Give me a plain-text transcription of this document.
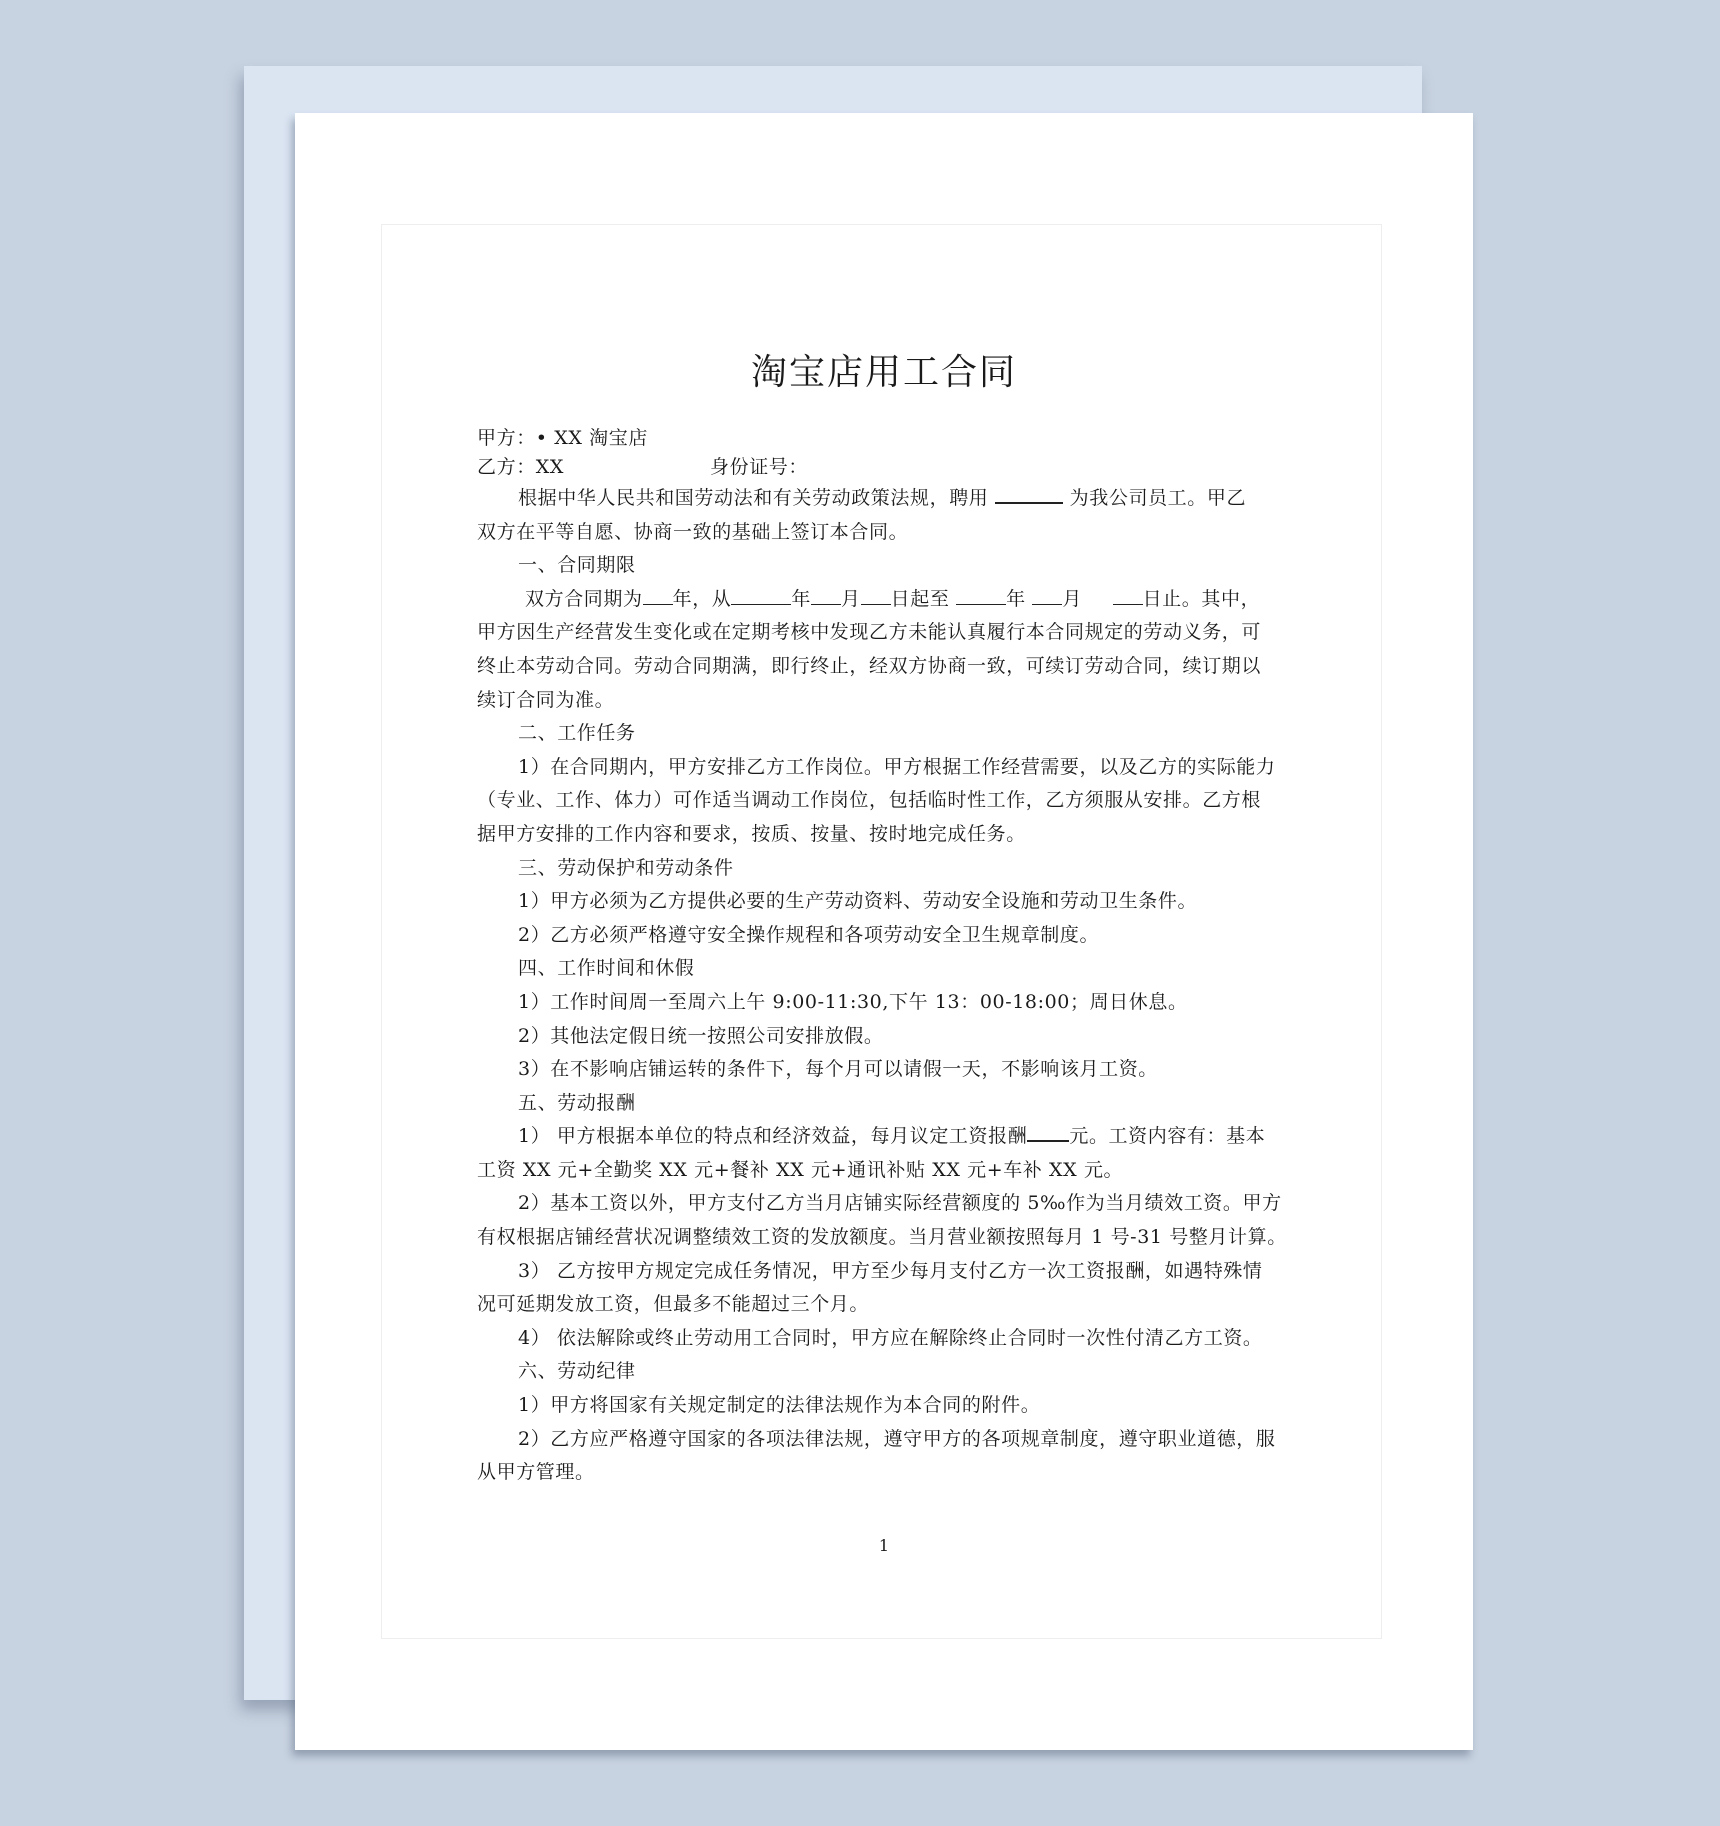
淘宝店用工合同
甲方：• XX 淘宝店
乙方：XX	身份证号：
根据中华人民共和国劳动法和有关劳动政策法规，聘用	为我公司员工。甲乙
双方在平等自愿、协商一致的基础上签订本合同。
一、合同期限
双方合同期为 年，从	年 月 日起至	年 月	日止。其中，
甲方因生产经营发生变化或在定期考核中发现乙方未能认真履行本合同规定的劳动义务，可
终止本劳动合同。劳动合同期满，即行终止，经双方协商一致，可续订劳动合同，续订期以
续订合同为准。
二、工作任务
1）在合同期内，甲方安排乙方工作岗位。甲方根据工作经营需要，以及乙方的实际能力
（专业、工作、体力）可作适当调动工作岗位，包括临时性工作，乙方须服从安排。乙方根
据甲方安排的工作内容和要求，按质、按量、按时地完成任务。
三、劳动保护和劳动条件
1）甲方必须为乙方提供必要的生产劳动资料、劳动安全设施和劳动卫生条件。
2）乙方必须严格遵守安全操作规程和各项劳动安全卫生规章制度。
四、工作时间和休假
1）工作时间周一至周六上午 9:00-11:30,下午 13：00-18:00；周日休息。
2）其他法定假日统一按照公司安排放假。
3）在不影响店铺运转的条件下，每个月可以请假一天，不影响该月工资。
五、劳动报酬
1） 甲方根据本单位的特点和经济效益，每月议定工资报酬 元。工资内容有：基本
工资 XX 元+全勤奖 XX 元+餐补 XX 元+通讯补贴 XX 元+车补 XX 元。
2）基本工资以外，甲方支付乙方当月店铺实际经营额度的 5‰作为当月绩效工资。甲方
有权根据店铺经营状况调整绩效工资的发放额度。当月营业额按照每月 1 号-31 号整月计算。
3） 乙方按甲方规定完成任务情况，甲方至少每月支付乙方一次工资报酬，如遇特殊情
况可延期发放工资，但最多不能超过三个月。
4） 依法解除或终止劳动用工合同时，甲方应在解除终止合同时一次性付清乙方工资。
六、劳动纪律
1）甲方将国家有关规定制定的法律法规作为本合同的附件。
2）乙方应严格遵守国家的各项法律法规，遵守甲方的各项规章制度，遵守职业道德，服
从甲方管理。
1
